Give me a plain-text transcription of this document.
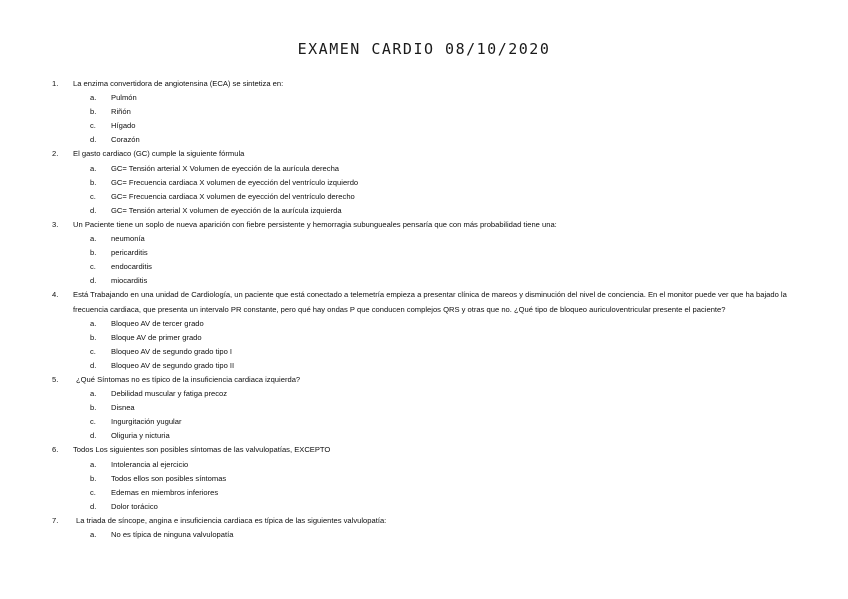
EXAMEN CARDIO 08/10/2020
1.	La enzima convertidora de angiotensina (ECA) se sintetiza en:
a. Pulmón
b. Riñón
c. Hígado
d. Corazón
2.	El gasto cardiaco (GC) cumple la siguiente fórmula
a. GC= Tensión arterial X Volumen de eyección de la aurícula derecha
b. GC= Frecuencia cardiaca X volumen de eyección del ventrículo izquierdo
c. GC= Frecuencia cardiaca X volumen de eyección del ventrículo derecho
d. GC= Tensión arterial X volumen de eyección de la aurícula izquierda
3.	Un Paciente tiene un soplo de nueva aparición con fiebre persistente y hemorragia subungueales pensaría que con más probabilidad tiene una:
a. neumonía
b. pericarditis
c. endocarditis
d. miocarditis
4.	Está Trabajando en una unidad de Cardiología, un paciente que está conectado a telemetría empieza a presentar clínica de mareos y disminución del nivel de conciencia. En el monitor puede ver que ha bajado la frecuencia cardiaca, que presenta un intervalo PR constante, pero qué hay ondas P que conducen complejos QRS y otras que no. ¿Qué tipo de bloqueo auriculoventricular presente el paciente?
a. Bloqueo AV de tercer grado
b. Bloque AV de primer grado
c. Bloqueo AV de segundo grado tipo I
d. Bloqueo AV de segundo grado tipo II
5.	¿Qué Síntomas no es típico de la insuficiencia cardiaca izquierda?
a. Debilidad muscular y fatiga precoz
b. Disnea
c. Ingurgitación yugular
d. Oliguria y nicturia
6.	Todos Los siguientes son posibles síntomas de las valvulopatías, EXCEPTO
a. Intolerancia al ejercicio
b. Todos ellos son posibles síntomas
c. Edemas en miembros inferiores
d. Dolor torácico
7.	La triada de síncope, angina e insuficiencia cardiaca es típica de las siguientes valvulopatía:
a. No es típica de ninguna valvulopatía
